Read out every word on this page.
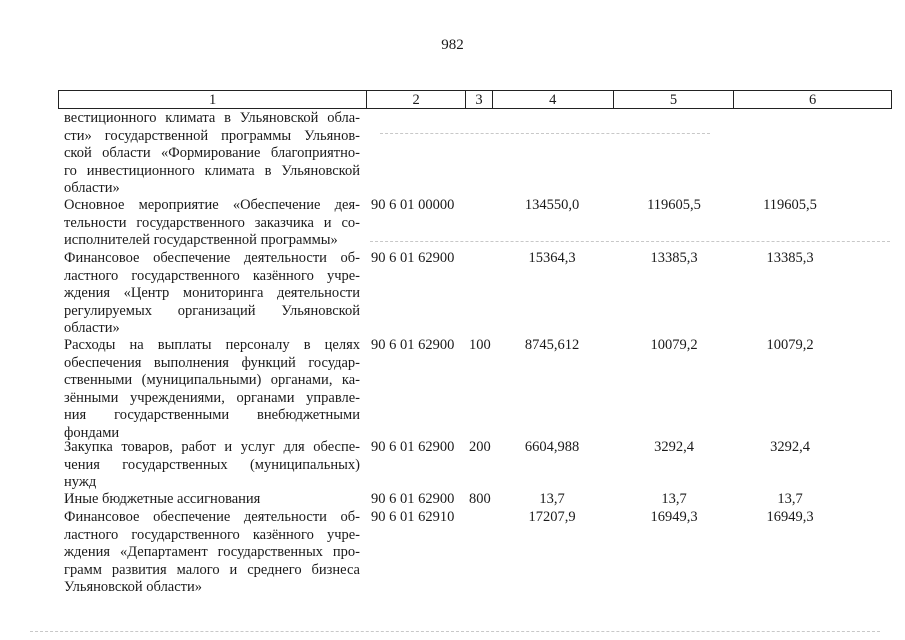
982
1	2	3	4	5	6
вестиционного климата в Ульяновской обла-
сти» государственной программы Ульянов-
ской области «Формирование благоприятно-
го инвестиционного климата в Ульяновской
области»
Основное мероприятие «Обеспечение дея-
тельности государственного заказчика и со-
исполнителей государственной программы»
90 6 01 00000	134550,0	119605,5	119605,5
Финансовое обеспечение деятельности об-
ластного государственного казённого учре-
ждения «Центр мониторинга деятельности
регулируемых организаций Ульяновской
области»
90 6 01 62900	15364,3	13385,3	13385,3
Расходы на выплаты персоналу в целях
обеспечения выполнения функций государ-
ственными (муниципальными) органами, ка-
зёнными учреждениями, органами управле-
ния государственными внебюджетными
фондами
90 6 01 62900 100	8745,612	10079,2	10079,2
Закупка товаров, работ и услуг для обеспе-
чения государственных (муниципальных)
нужд
90 6 01 62900 200	6604,988	3292,4	3292,4
Иные бюджетные ассигнования	90 6 01 62900 800	13,7	13,7	13,7
Финансовое обеспечение деятельности об-
ластного государственного казённого учре-
ждения «Департамент государственных про-
грамм развития малого и среднего бизнеса
Ульяновской области»
90 6 01 62910	17207,9	16949,3	16949,3
